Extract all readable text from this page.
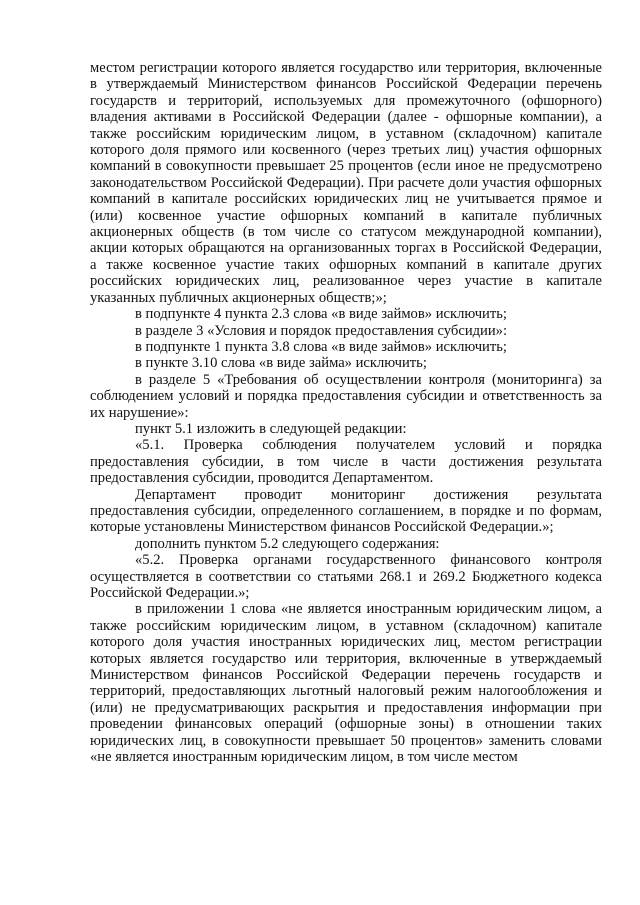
местом регистрации которого является государство или территория, включенные в утверждаемый Министерством финансов Российской Федерации перечень государств и территорий, используемых для промежуточного (офшорного) владения активами в Российской Федерации (далее - офшорные компании), а также российским юридическим лицом, в уставном (складочном) капитале которого доля прямого или косвенного (через третьих лиц) участия офшорных компаний в совокупности превышает 25 процентов (если иное не предусмотрено законодательством Российской Федерации). При расчете доли участия офшорных компаний в капитале российских юридических лиц не учитывается прямое и (или) косвенное участие офшорных компаний в капитале публичных акционерных обществ (в том числе со статусом международной компании), акции которых обращаются на организованных торгах в Российской Федерации, а также косвенное участие таких офшорных компаний в капитале других российских юридических лиц, реализованное через участие в капитале указанных публичных акционерных обществ;»;

в подпункте 4 пункта 2.3 слова «в виде займов» исключить;

в разделе 3 «Условия и порядок предоставления субсидии»:

в подпункте 1 пункта 3.8 слова «в виде займов» исключить;

в пункте 3.10 слова «в виде займа» исключить;

в разделе 5 «Требования об осуществлении контроля (мониторинга) за соблюдением условий и порядка предоставления субсидии и ответственность за их нарушение»:

пункт 5.1 изложить в следующей редакции:

«5.1. Проверка соблюдения получателем условий и порядка предоставления субсидии, в том числе в части достижения результата предоставления субсидии, проводится Департаментом.

Департамент проводит мониторинг достижения результата предоставления субсидии, определенного соглашением, в порядке и по формам, которые установлены Министерством финансов Российской Федерации.»;

дополнить пунктом 5.2 следующего содержания:

«5.2. Проверка органами государственного финансового контроля осуществляется в соответствии со статьями 268.1 и 269.2 Бюджетного кодекса Российской Федерации.»;

в приложении 1 слова «не является иностранным юридическим лицом, а также российским юридическим лицом, в уставном (складочном) капитале которого доля участия иностранных юридических лиц, местом регистрации которых является государство или территория, включенные в утверждаемый Министерством финансов Российской Федерации перечень государств и территорий, предоставляющих льготный налоговый режим налогообложения и (или) не предусматривающих раскрытия и предоставления информации при проведении финансовых операций (офшорные зоны) в отношении таких юридических лиц, в совокупности превышает 50 процентов» заменить словами «не является иностранным юридическим лицом, в том числе местом
